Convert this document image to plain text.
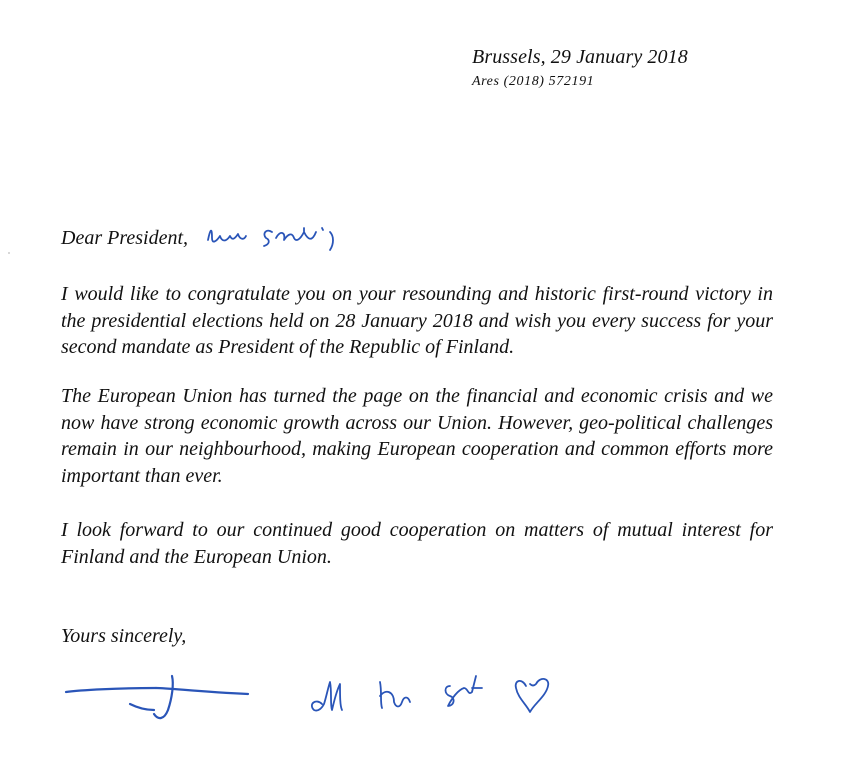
Brussels, 29 January 2018
Ares (2018) 572191
Dear President,

I would like to congratulate you on your resounding and historic first-round victory in the presidential elections held on 28 January 2018 and wish you every success for your second mandate as President of the Republic of Finland.

The European Union has turned the page on the financial and economic crisis and we now have strong economic growth across our Union. However, geo-political challenges remain in our neighbourhood, making European cooperation and common efforts more important than ever.

I look forward to our continued good cooperation on matters of mutual interest for Finland and the European Union.

Yours sincerely,
